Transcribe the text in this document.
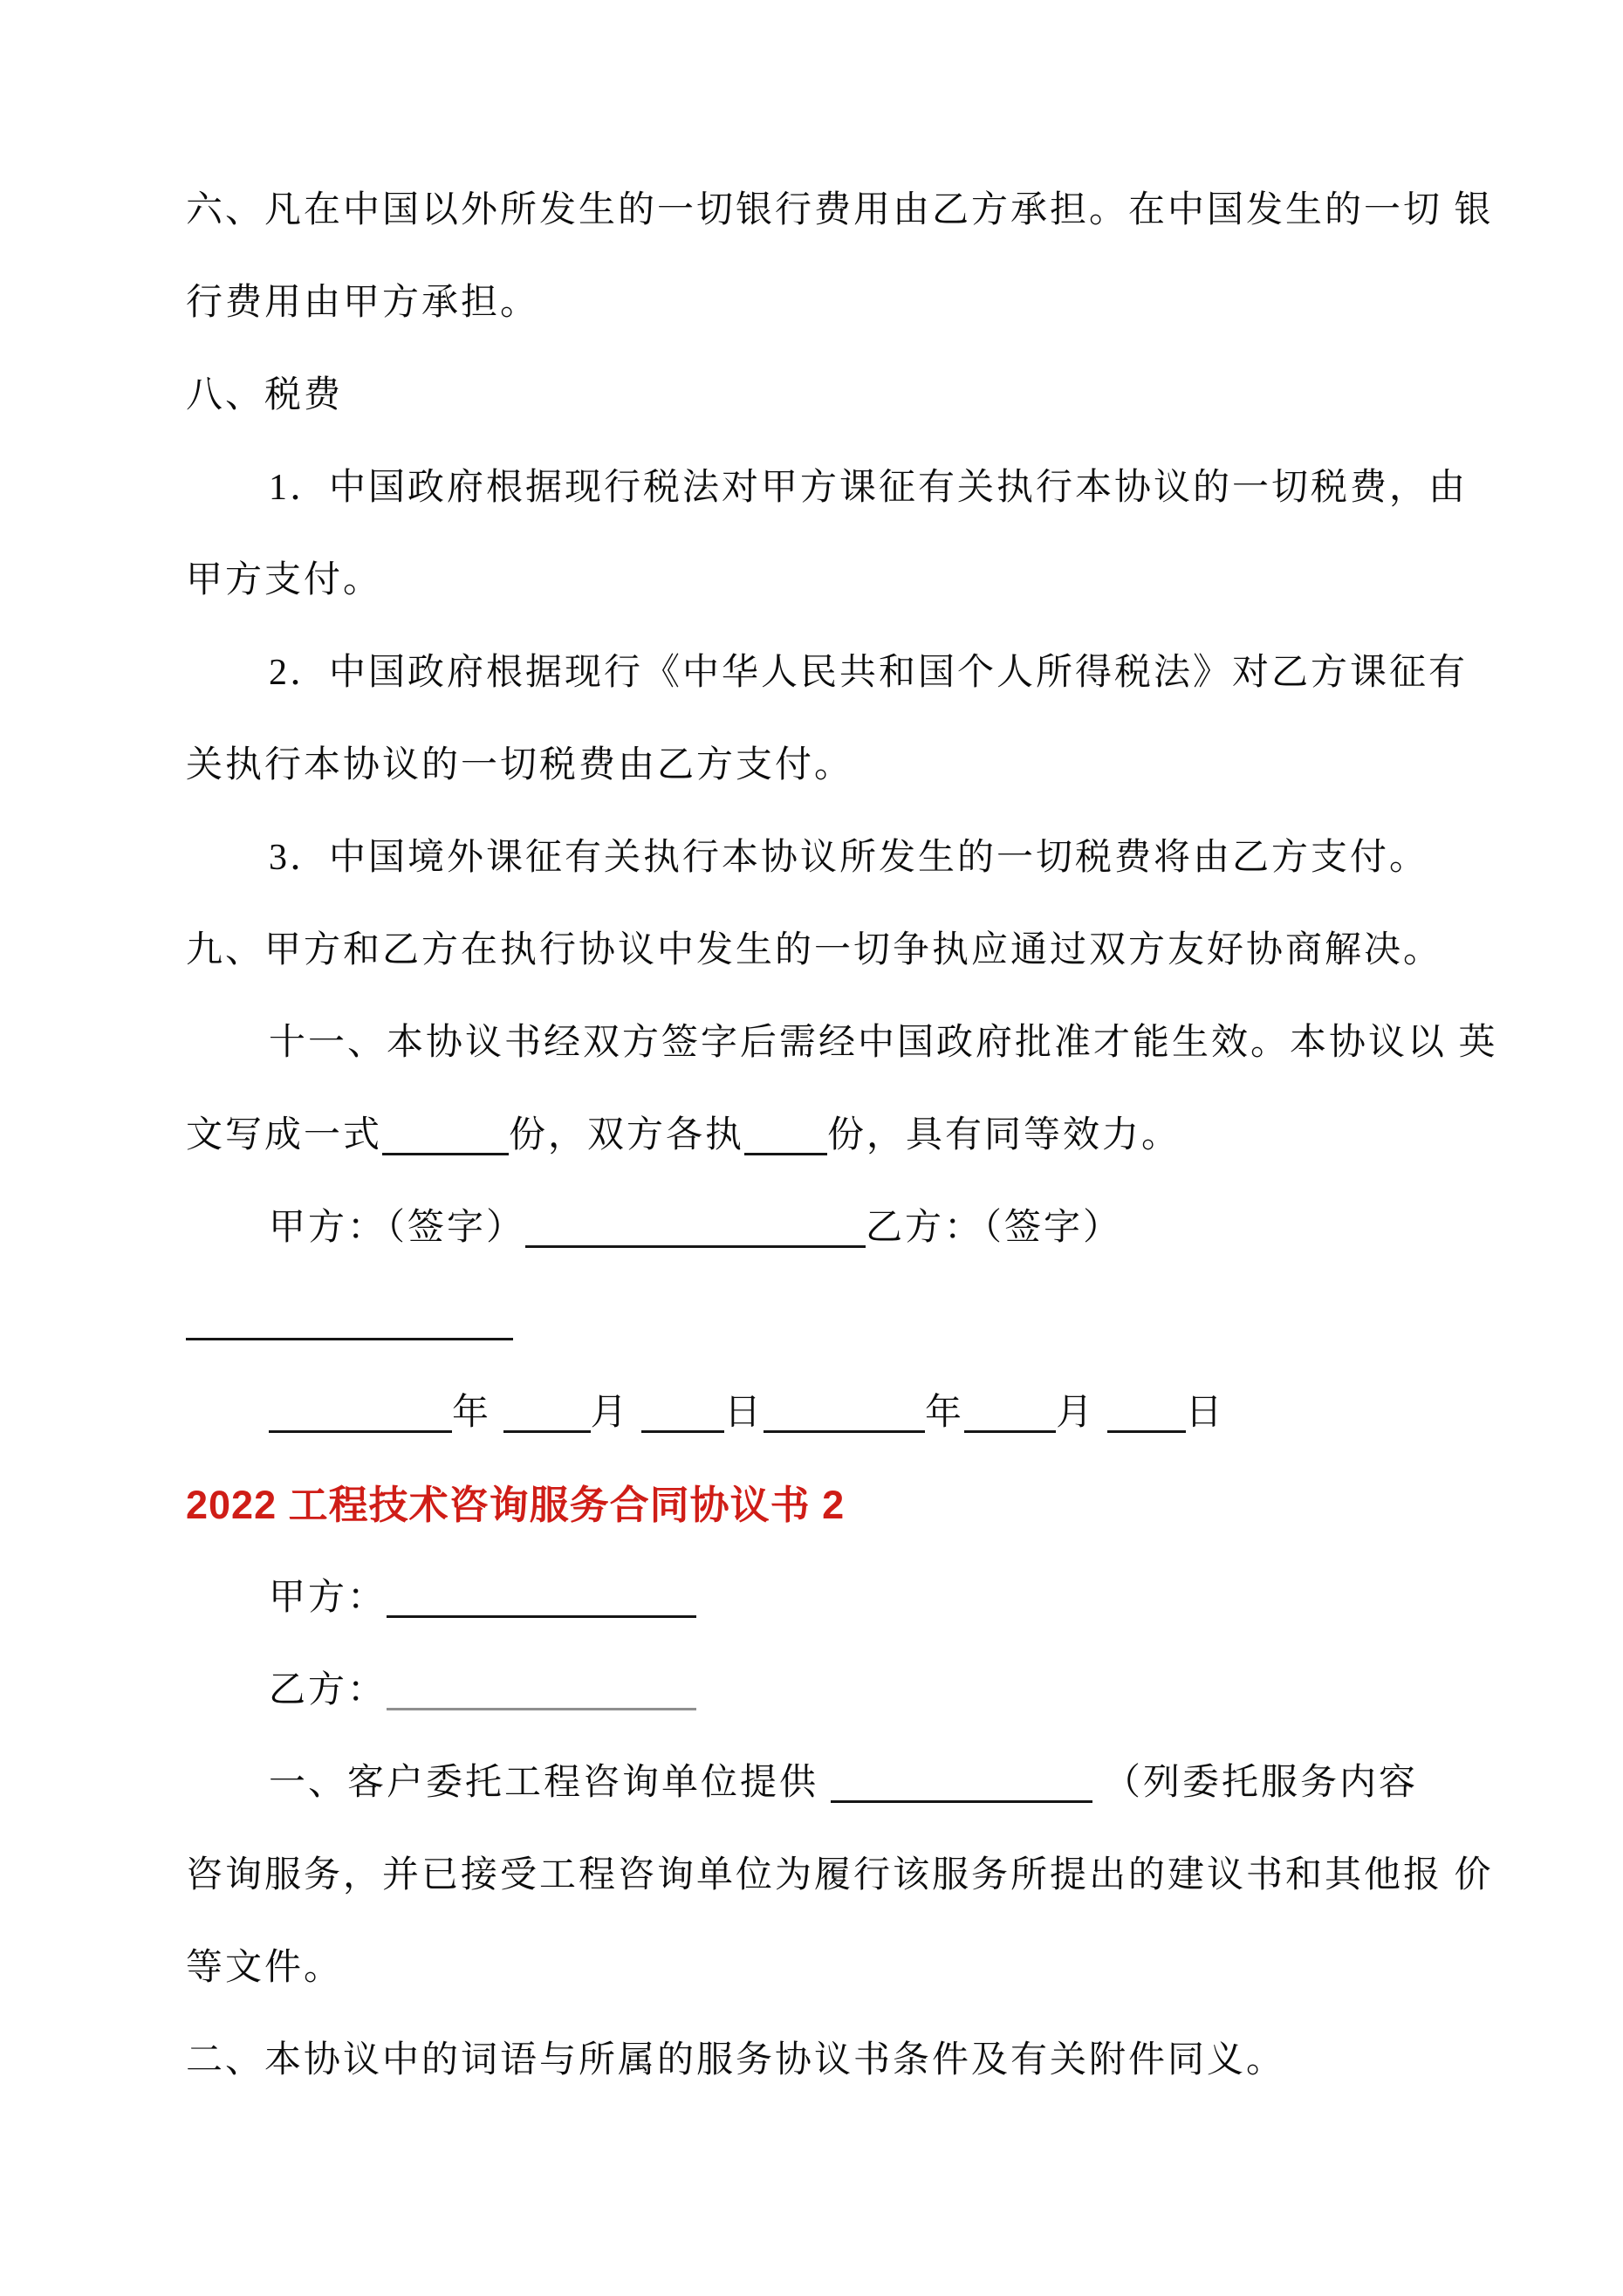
六、凡在中国以外所发生的一切银行费用由乙方承担。在中国发生的一切 银
行费用由甲方承担。
八、税费
1．中国政府根据现行税法对甲方课征有关执行本协议的一切税费，由
甲方支付。
2．中国政府根据现行《中华人民共和国个人所得税法》对乙方课征有
关执行本协议的一切税费由乙方支付。
3．中国境外课征有关执行本协议所发生的一切税费将由乙方支付。
九、甲方和乙方在执行协议中发生的一切争执应通过双方友好协商解决。
十一、本协议书经双方签字后需经中国政府批准才能生效。本协议以 英
文写成一式	份，双方各执 份，具有同等效力。
甲方：（签字）	乙方：（签字）
年 月 日	年	月 日
2022 工程技术咨询服务合同协议书 2
甲方：
乙方：
一、客户委托工程咨询单位提供	（列委托服务内容
咨询服务，并已接受工程咨询单位为履行该服务所提出的建议书和其他报 价
等文件。
二、本协议中的词语与所属的服务协议书条件及有关附件同义。
